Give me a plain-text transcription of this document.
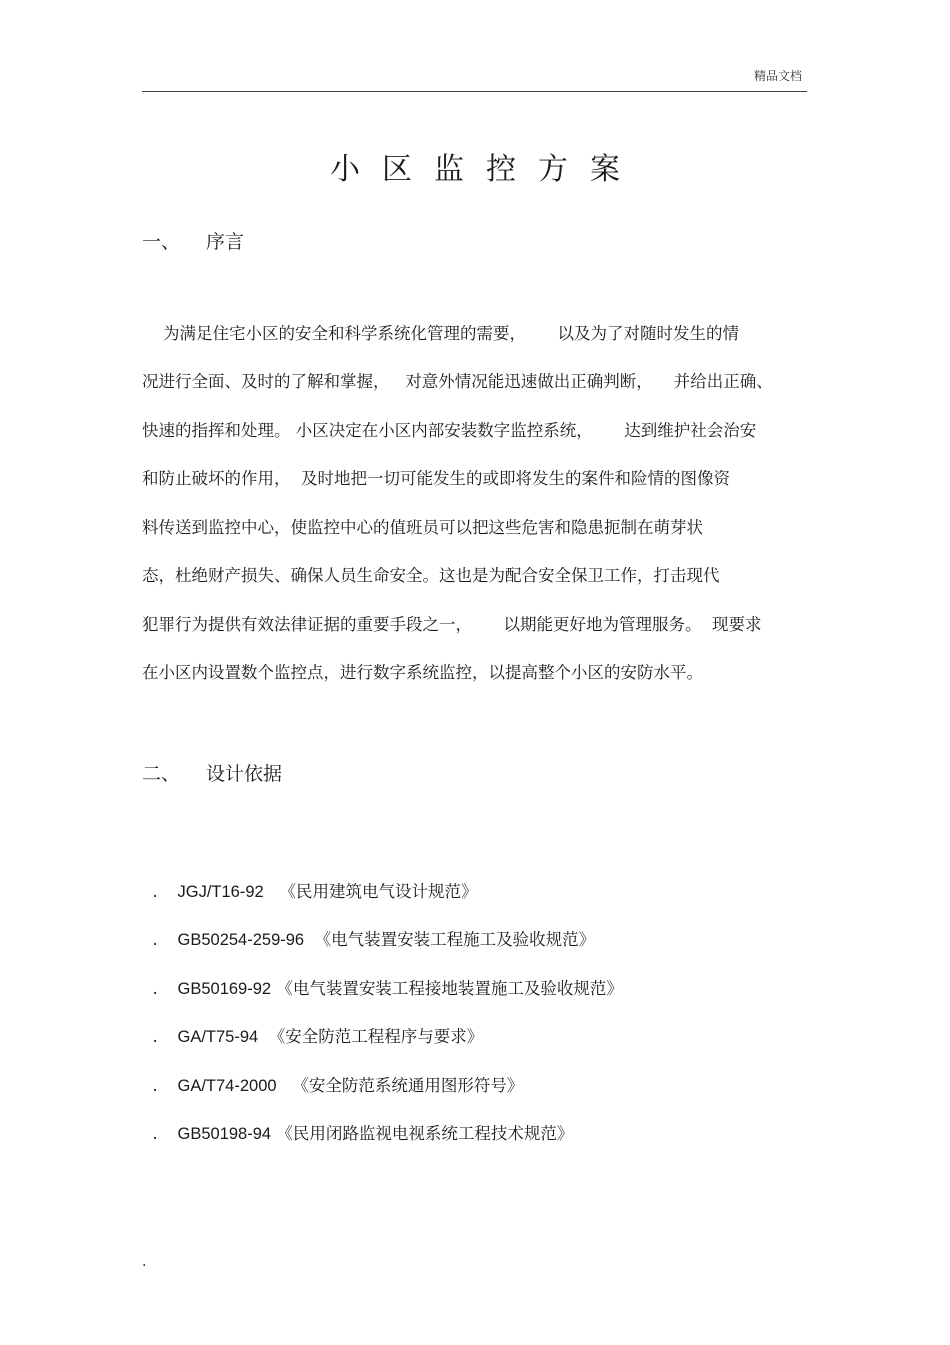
精品文档
小区监控方案
一、 序言
为满足住宅小区的安全和科学系统化管理的需要，      以及为了对随时发生的情
况进行全面、及时的了解和掌握，   对意外情况能迅速做出正确判断，    并给出正确、
快速的指挥和处理。 小区决定在小区内部安装数字监控系统，      达到维护社会治安
和防止破坏的作用，  及时地把一切可能发生的或即将发生的案件和险情的图像资
料传送到监控中心，使监控中心的值班员可以把这些危害和隐患扼制在萌芽状
态，杜绝财产损失、确保人员生命安全。这也是为配合安全保卫工作，打击现代
犯罪行为提供有效法律证据的重要手段之一，      以期能更好地为管理服务。  现要求
在小区内设置数个监控点，进行数字系统监控，以提高整个小区的安防水平。
二、 设计依据

. JGJ/T16-92 《民用建筑电气设计规范》

. GB50254-259-96 《电气装置安装工程施工及验收规范》

. GB50169-92 《电气装置安装工程接地装置施工及验收规范》

. GA/T75-94 《安全防范工程程序与要求》

. GA/T74-2000 《安全防范系统通用图形符号》

. GB50198-94 《民用闭路监视电视系统工程技术规范》

.
